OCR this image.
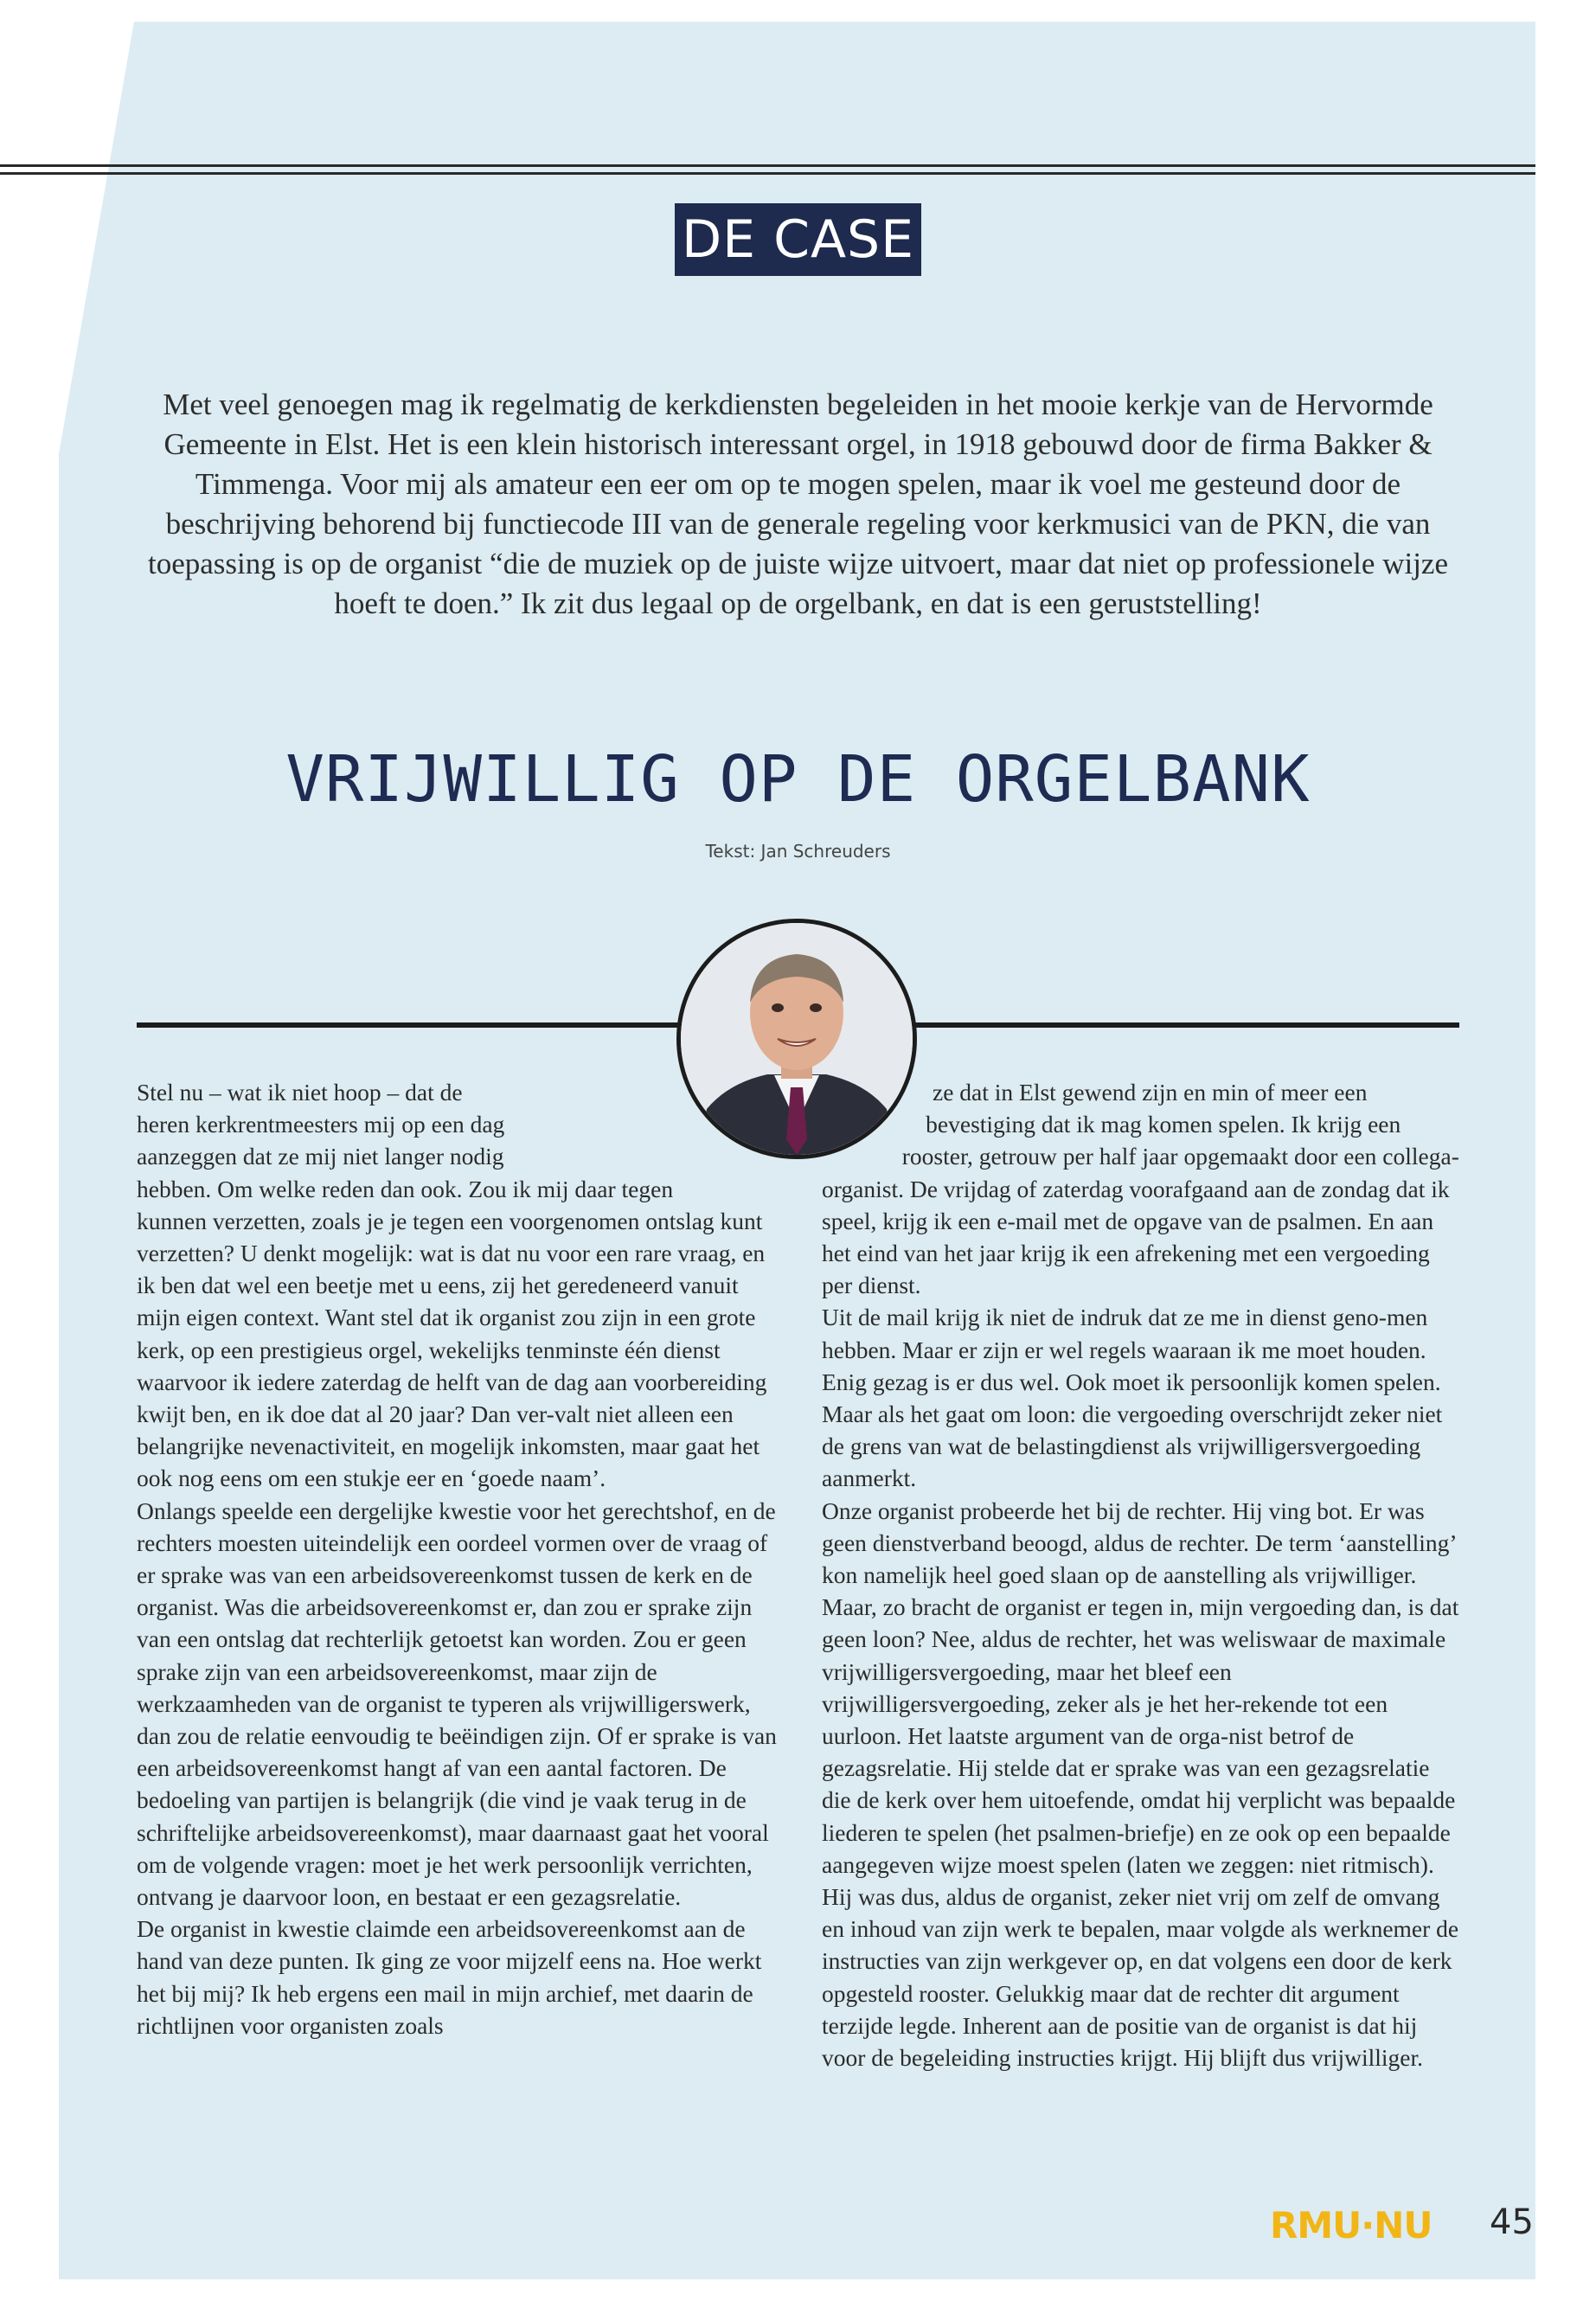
DE CASE
Met veel genoegen mag ik regelmatig de kerkdiensten begeleiden in het mooie kerkje van de Hervormde Gemeente in Elst. Het is een klein historisch interessant orgel, in 1918 gebouwd door de firma Bakker & Timmenga. Voor mij als amateur een eer om op te mogen spelen, maar ik voel me gesteund door de beschrijving behorend bij functiecode III van de generale regeling voor kerkmusici van de PKN, die van toepassing is op de organist “die de muziek op de juiste wijze uitvoert, maar dat niet op professionele wijze hoeft te doen.” Ik zit dus legaal op de orgelbank, en dat is een geruststelling!
VRIJWILLIG OP DE ORGELBANK
Tekst: Jan Schreuders

Stel nu – wat ik niet hoop – dat de heren kerkrentmeesters mij op een dag aanzeggen dat ze mij niet langer nodig hebben. Om welke reden dan ook. Zou ik mij daar tegen kunnen verzetten, zoals je je tegen een voorgenomen ontslag kunt verzetten? U denkt mogelijk: wat is dat nu voor een rare vraag, en ik ben dat wel een beetje met u eens, zij het geredeneerd vanuit mijn eigen context. Want stel dat ik organist zou zijn in een grote kerk, op een prestigieus orgel, wekelijks tenminste één dienst waarvoor ik iedere zaterdag de helft van de dag aan voorbereiding kwijt ben, en ik doe dat al 20 jaar? Dan ver-valt niet alleen een belangrijke nevenactiviteit, en mogelijk inkomsten, maar gaat het ook nog eens om een stukje eer en ‘goede naam’.

Onlangs speelde een dergelijke kwestie voor het gerechtshof, en de rechters moesten uiteindelijk een oordeel vormen over de vraag of er sprake was van een arbeidsovereenkomst tussen de kerk en de organist. Was die arbeidsovereenkomst er, dan zou er sprake zijn van een ontslag dat rechterlijk getoetst kan worden. Zou er geen sprake zijn van een arbeidsovereenkomst, maar zijn de werkzaamheden van de organist te typeren als vrijwilligerswerk, dan zou de relatie eenvoudig te beëindigen zijn. Of er sprake is van een arbeidsovereenkomst hangt af van een aantal factoren. De bedoeling van partijen is belangrijk (die vind je vaak terug in de schriftelijke arbeidsovereenkomst), maar daarnaast gaat het vooral om de volgende vragen: moet je het werk persoonlijk verrichten, ontvang je daarvoor loon, en bestaat er een gezagsrelatie.

De organist in kwestie claimde een arbeidsovereenkomst aan de hand van deze punten. Ik ging ze voor mijzelf eens na. Hoe werkt het bij mij? Ik heb ergens een mail in mijn archief, met daarin de richtlijnen voor organisten zoals

ze dat in Elst gewend zijn en min of meer een bevestiging dat ik mag komen spelen. Ik krijg een rooster, getrouw per half jaar opgemaakt door een collega-organist. De vrijdag of zaterdag voorafgaand aan de zondag dat ik speel, krijg ik een e-mail met de opgave van de psalmen. En aan het eind van het jaar krijg ik een afrekening met een vergoeding per dienst.

Uit de mail krijg ik niet de indruk dat ze me in dienst geno-men hebben. Maar er zijn er wel regels waaraan ik me moet houden. Enig gezag is er dus wel. Ook moet ik persoonlijk komen spelen. Maar als het gaat om loon: die vergoeding overschrijdt zeker niet de grens van wat de belastingdienst als vrijwilligersvergoeding aanmerkt.

Onze organist probeerde het bij de rechter. Hij ving bot. Er was geen dienstverband beoogd, aldus de rechter. De term ‘aanstelling’ kon namelijk heel goed slaan op de aanstelling als vrijwilliger. Maar, zo bracht de organist er tegen in, mijn vergoeding dan, is dat geen loon? Nee, aldus de rechter, het was weliswaar de maximale vrijwilligersvergoeding, maar het bleef een vrijwilligersvergoeding, zeker als je het her-rekende tot een uurloon. Het laatste argument van de orga-nist betrof de gezagsrelatie. Hij stelde dat er sprake was van een gezagsrelatie die de kerk over hem uitoefende, omdat hij verplicht was bepaalde liederen te spelen (het psalmen-briefje) en ze ook op een bepaalde aangegeven wijze moest spelen (laten we zeggen: niet ritmisch). Hij was dus, aldus de organist, zeker niet vrij om zelf de omvang en inhoud van zijn werk te bepalen, maar volgde als werknemer de instructies van zijn werkgever op, en dat volgens een door de kerk opgesteld rooster. Gelukkig maar dat de rechter dit argument terzijde legde. Inherent aan de positie van de organist is dat hij voor de begeleiding instructies krijgt. Hij blijft dus vrijwilliger.

RMU·NU 45
